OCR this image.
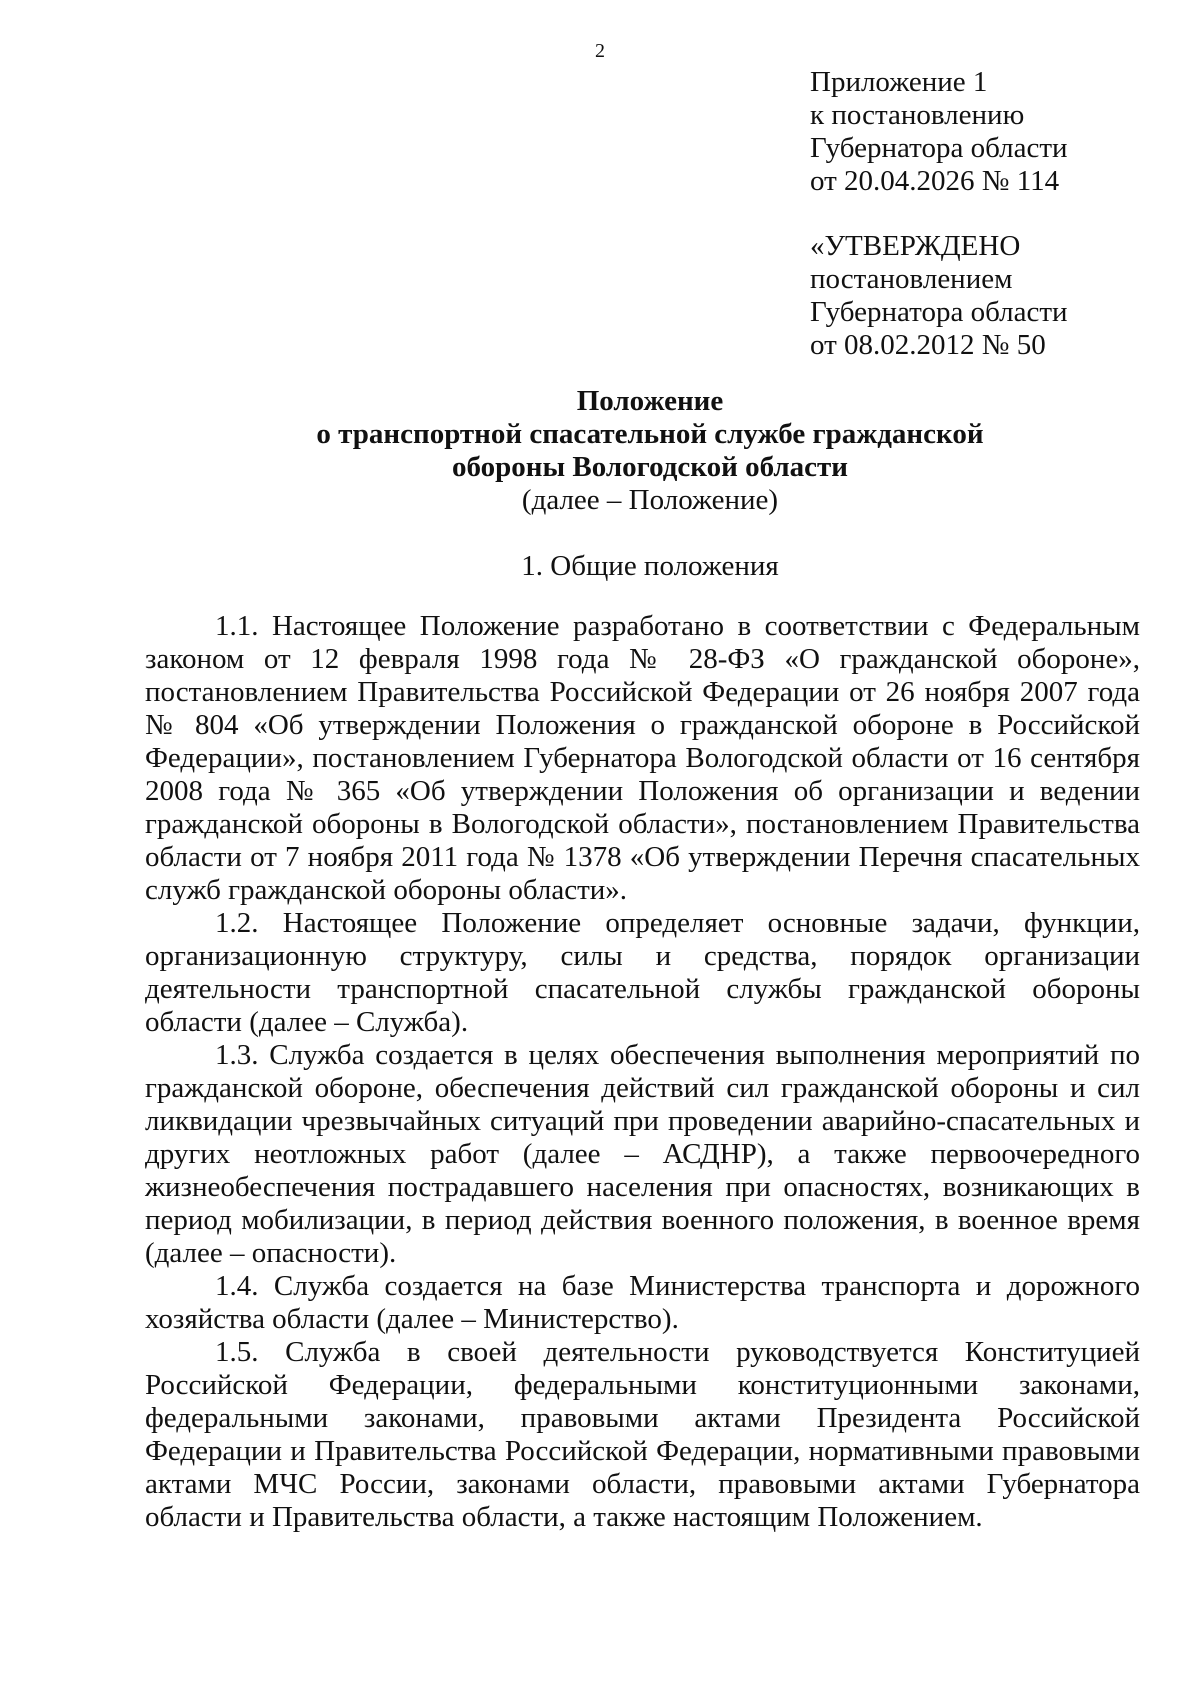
2
Приложение 1
к постановлению
Губернатора области
от 20.04.2026 № 114
«УТВЕРЖДЕНО
постановлением
Губернатора области
от 08.02.2012 № 50
Положение
о транспортной спасательной службе гражданской
обороны Вологодской области
(далее – Положение)
1. Общие положения

1.1. Настоящее Положение разработано в соответствии с Федеральным законом от 12 февраля 1998 года № 28-ФЗ «О гражданской обороне», постановлением Правительства Российской Федерации от 26 ноября 2007 года № 804 «Об утверждении Положения о гражданской обороне в Российской Федерации», постановлением Губернатора Вологодской области от 16 сентября 2008 года № 365 «Об утверждении Положения об организации и ведении гражданской обороны в Вологодской области», постановлением Правительства области от 7 ноября 2011 года № 1378 «Об утверждении Перечня спасательных служб гражданской обороны области».

1.2. Настоящее Положение определяет основные задачи, функции, организационную структуру, силы и средства, порядок организации деятельности транспортной спасательной службы гражданской обороны области (далее – Служба).

1.3. Служба создается в целях обеспечения выполнения мероприятий по гражданской обороне, обеспечения действий сил гражданской обороны и сил ликвидации чрезвычайных ситуаций при проведении аварийно-спасательных и других неотложных работ (далее – АСДНР), а также первоочередного жизнеобеспечения пострадавшего населения при опасностях, возникающих в период мобилизации, в период действия военного положения, в военное время (далее – опасности).

1.4. Служба создается на базе Министерства транспорта и дорожного хозяйства области (далее – Министерство).

1.5. Служба в своей деятельности руководствуется Конституцией Российской Федерации, федеральными конституционными законами, федеральными законами, правовыми актами Президента Российской Федерации и Правительства Российской Федерации, нормативными правовыми актами МЧС России, законами области, правовыми актами Губернатора области и Правительства области, а также настоящим Положением.
